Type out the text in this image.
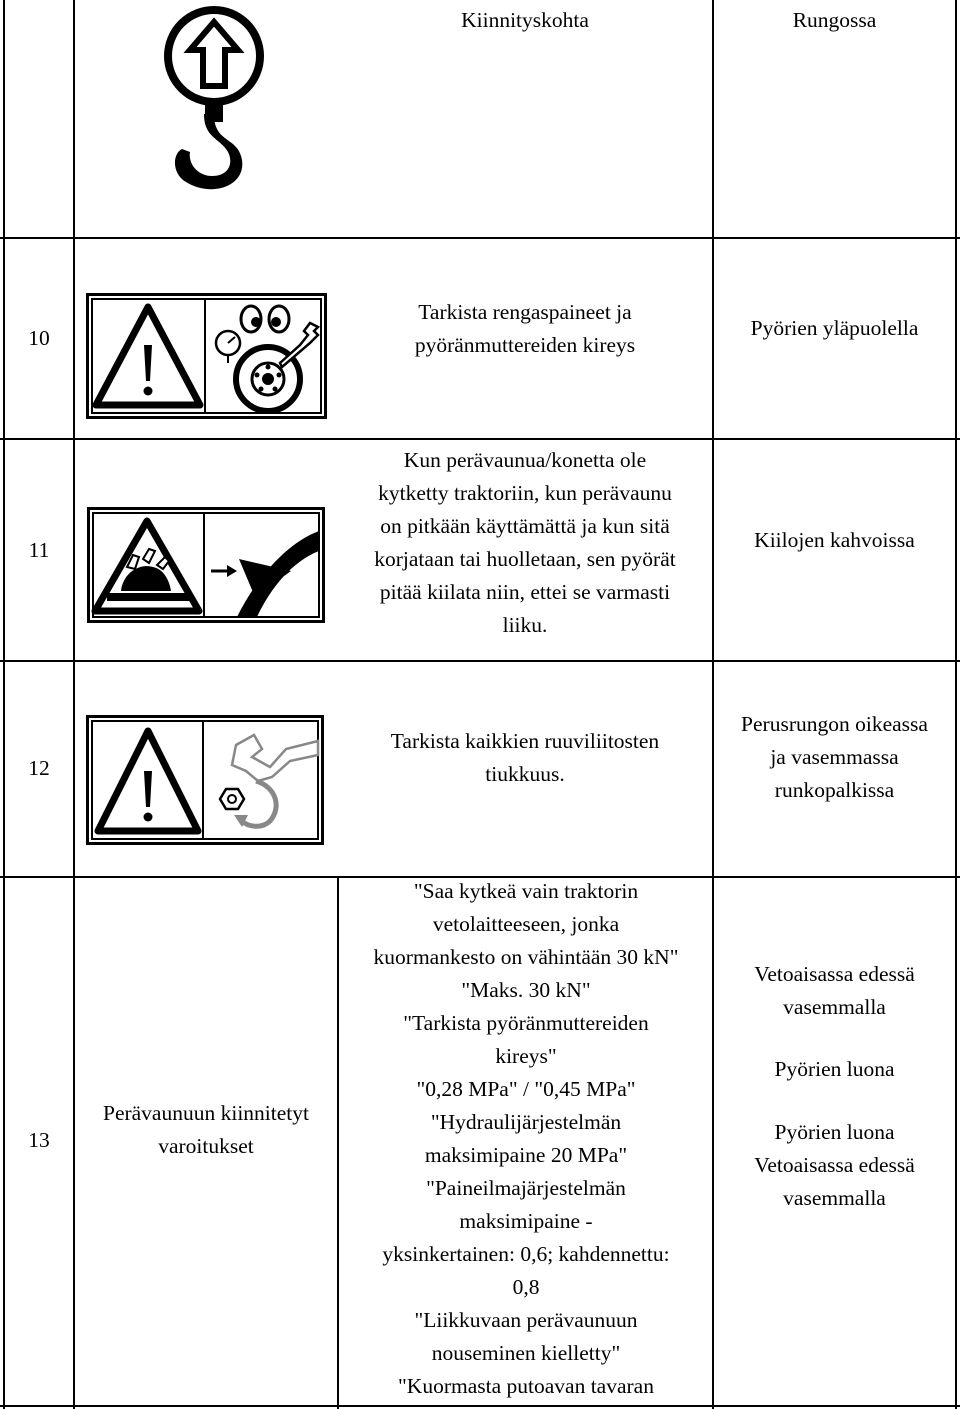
Kiinnityskohta	Rungossa
10
Tarkista rengaspaineet ja
pyöränmuttereiden kireys
Pyörien yläpuolella
11
Kun perävaunua/konetta ole
kytketty traktoriin, kun perävaunu
on pitkään käyttämättä ja kun sitä
korjataan tai huolletaan, sen pyörät
pitää kiilata niin, ettei se varmasti
liiku.
Kiilojen kahvoissa
12
Tarkista kaikkien ruuviliitosten
tiukkuus.
Perusrungon oikeassa
ja vasemmassa
runkopalkissa
13
Perävaunuun kiinnitetyt
varoitukset
"Saa kytkeä vain traktorin
vetolaitteeseen, jonka
kuormankesto on vähintään 30 kN"
"Maks. 30 kN"
"Tarkista pyöränmuttereiden
kireys"
"0,28 MPa" / "0,45 MPa"
"Hydraulijärjestelmän
maksimipaine 20 MPa"
"Paineilmajärjestelmän
maksimipaine -
yksinkertainen: 0,6; kahdennettu:
0,8
"Liikkuvaan perävaunuun
nouseminen kielletty"
"Kuormasta putoavan tavaran
Vetoaisassa edessä
vasemmalla
Pyörien luona
Pyörien luona
Vetoaisassa edessä
vasemmalla
